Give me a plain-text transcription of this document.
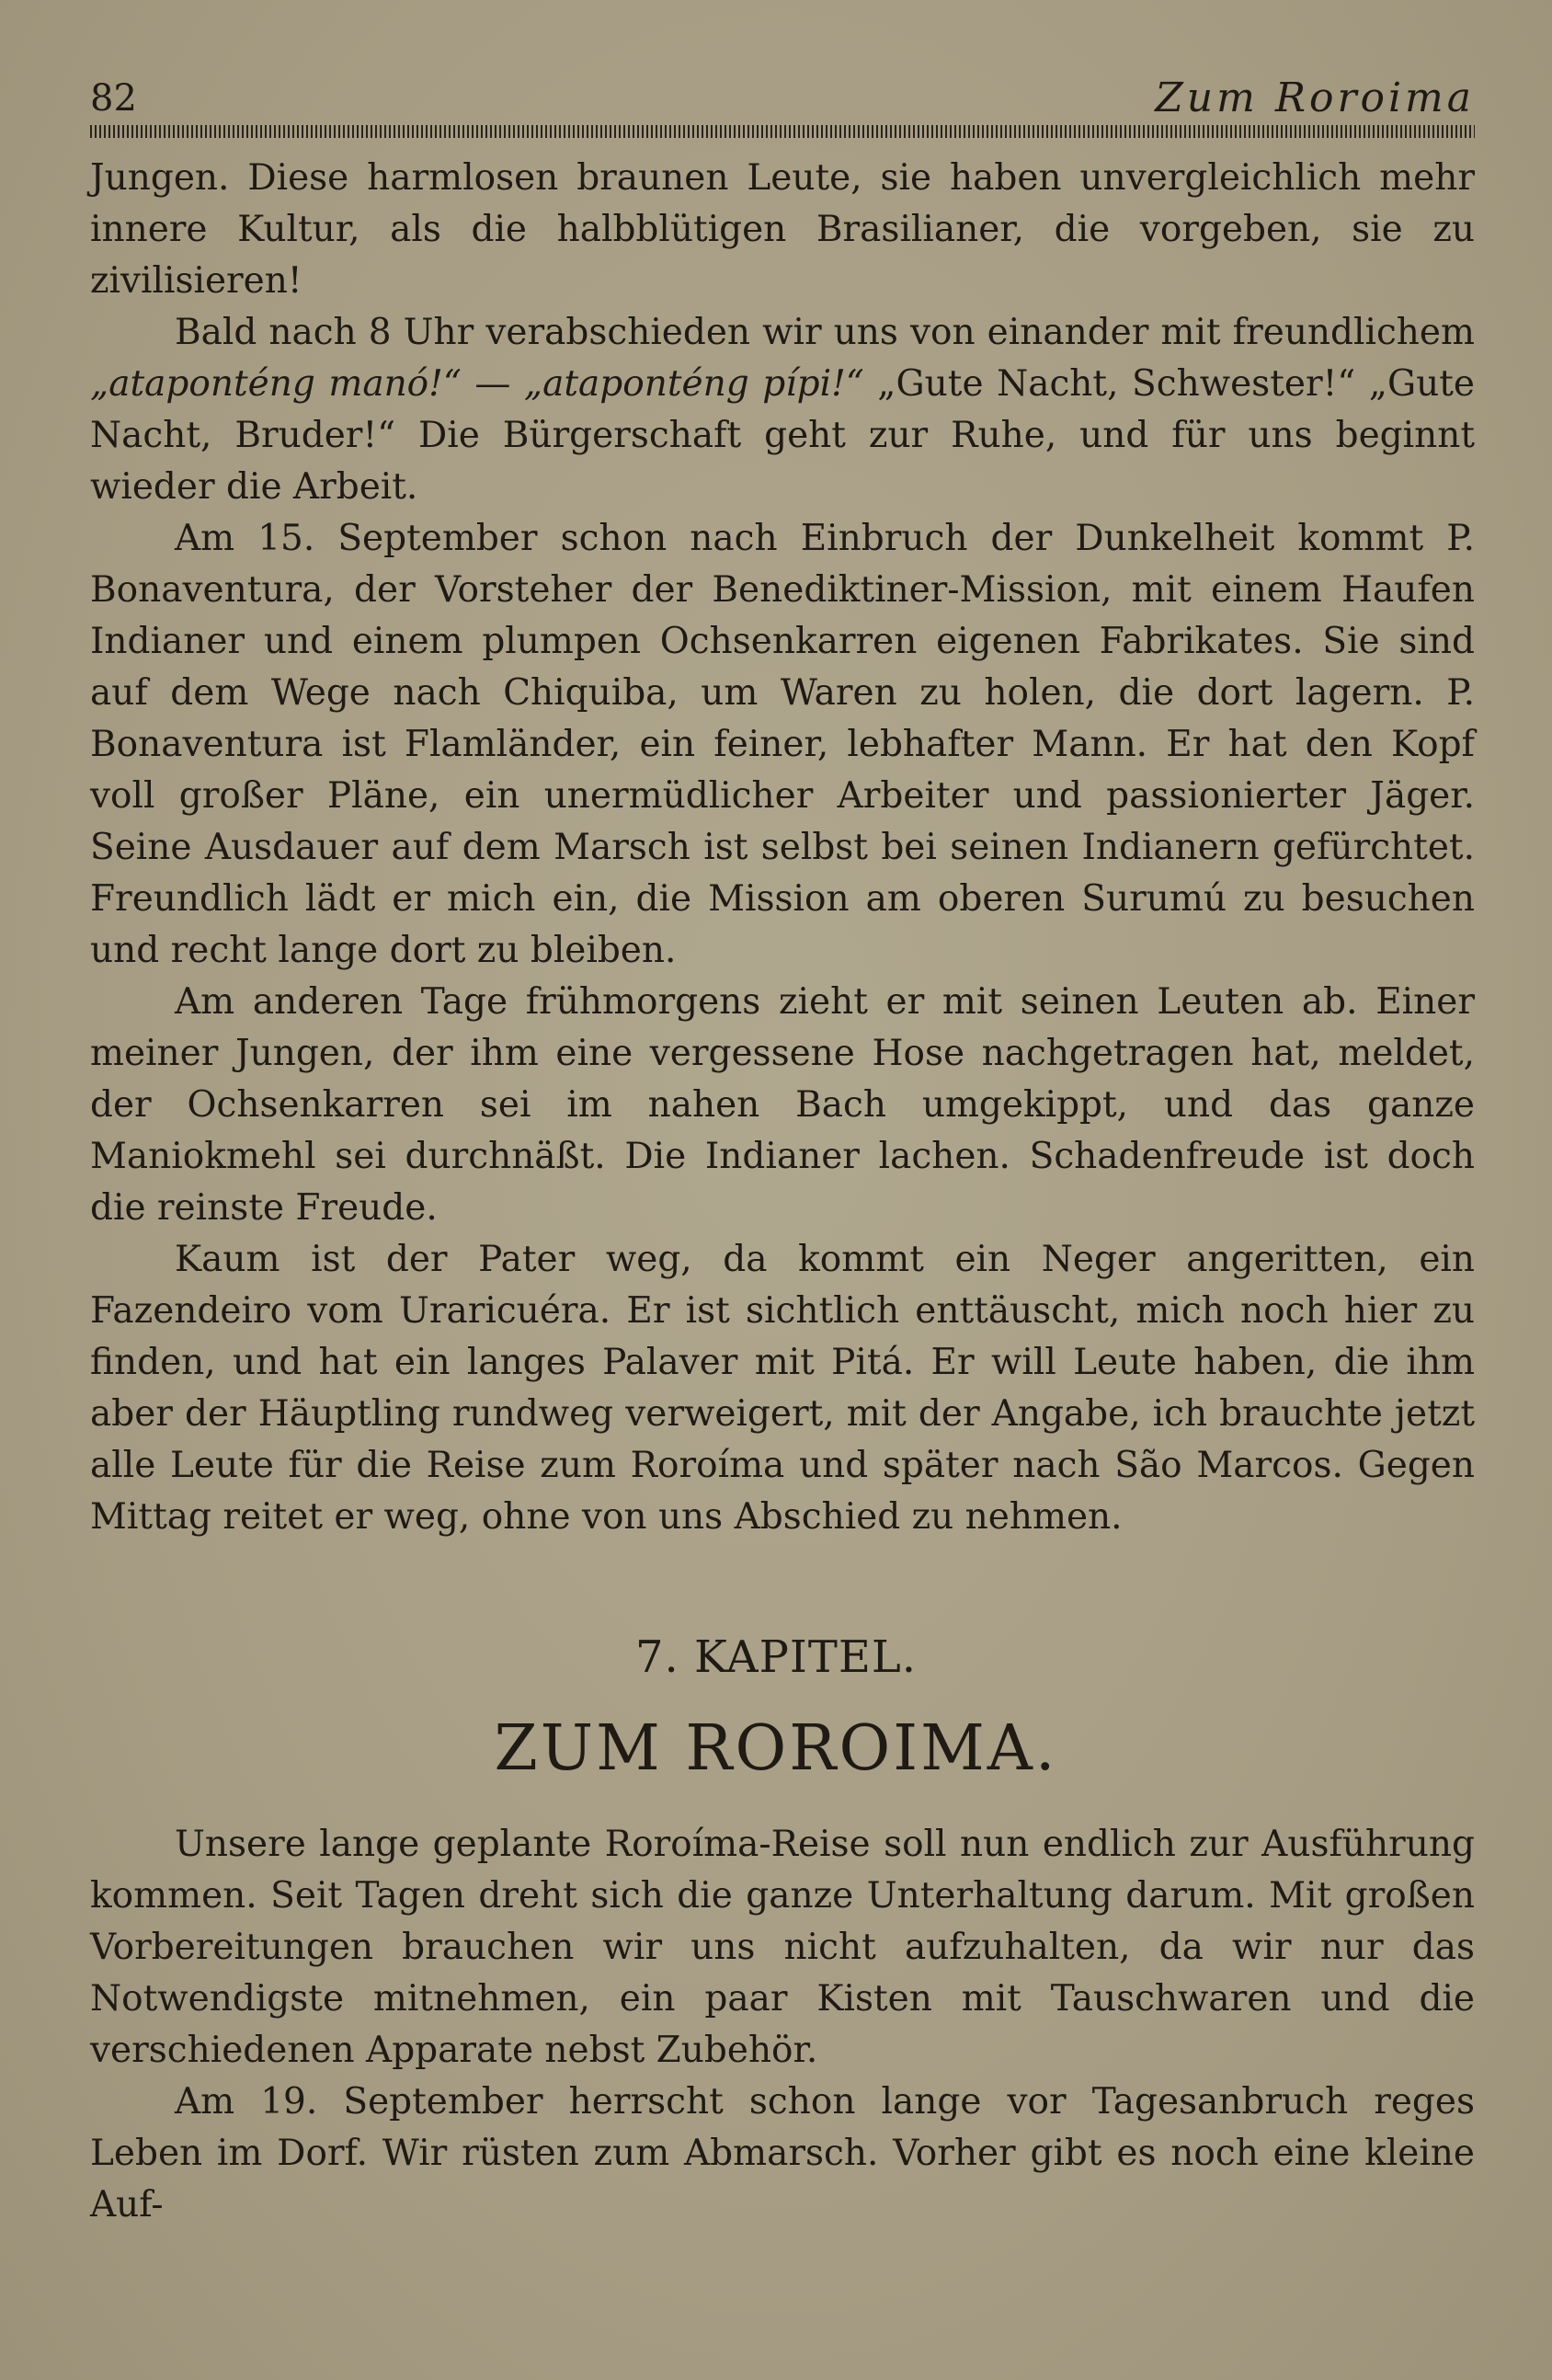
82	Zum Roroima

Jungen. Diese harmlosen braunen Leute, sie haben unvergleichlich mehr innere Kultur, als die halbblütigen Brasilianer, die vorgeben, sie zu zivilisieren!

Bald nach 8 Uhr verabschieden wir uns von einander mit freundlichem „ataponténg manó!“ — „ataponténg pípi!“ „Gute Nacht, Schwester!“ „Gute Nacht, Bruder!“ Die Bürgerschaft geht zur Ruhe, und für uns beginnt wieder die Arbeit.

Am 15. September schon nach Einbruch der Dunkelheit kommt P. Bonaventura, der Vorsteher der Benediktiner-Mission, mit einem Haufen Indianer und einem plumpen Ochsenkarren eigenen Fabrikates. Sie sind auf dem Wege nach Chiquiba, um Waren zu holen, die dort lagern. P. Bonaventura ist Flamländer, ein feiner, lebhafter Mann. Er hat den Kopf voll großer Pläne, ein unermüdlicher Arbeiter und passionierter Jäger. Seine Ausdauer auf dem Marsch ist selbst bei seinen Indianern gefürchtet. Freundlich lädt er mich ein, die Mission am oberen Surumú zu besuchen und recht lange dort zu bleiben.

Am anderen Tage frühmorgens zieht er mit seinen Leuten ab. Einer meiner Jungen, der ihm eine vergessene Hose nachgetragen hat, meldet, der Ochsenkarren sei im nahen Bach umgekippt, und das ganze Maniokmehl sei durchnäßt. Die Indianer lachen. Schadenfreude ist doch die reinste Freude.

Kaum ist der Pater weg, da kommt ein Neger angeritten, ein Fazendeiro vom Uraricuéra. Er ist sichtlich enttäuscht, mich noch hier zu finden, und hat ein langes Palaver mit Pitá. Er will Leute haben, die ihm aber der Häuptling rundweg verweigert, mit der Angabe, ich brauchte jetzt alle Leute für die Reise zum Roroíma und später nach São Marcos. Gegen Mittag reitet er weg, ohne von uns Abschied zu nehmen.

7. KAPITEL.
ZUM ROROIMA.

Unsere lange geplante Roroíma-Reise soll nun endlich zur Ausführung kommen. Seit Tagen dreht sich die ganze Unterhaltung darum. Mit großen Vorbereitungen brauchen wir uns nicht aufzuhalten, da wir nur das Notwendigste mitnehmen, ein paar Kisten mit Tauschwaren und die verschiedenen Apparate nebst Zubehör.

Am 19. September herrscht schon lange vor Tagesanbruch reges Leben im Dorf. Wir rüsten zum Abmarsch. Vorher gibt es noch eine kleine Auf-
